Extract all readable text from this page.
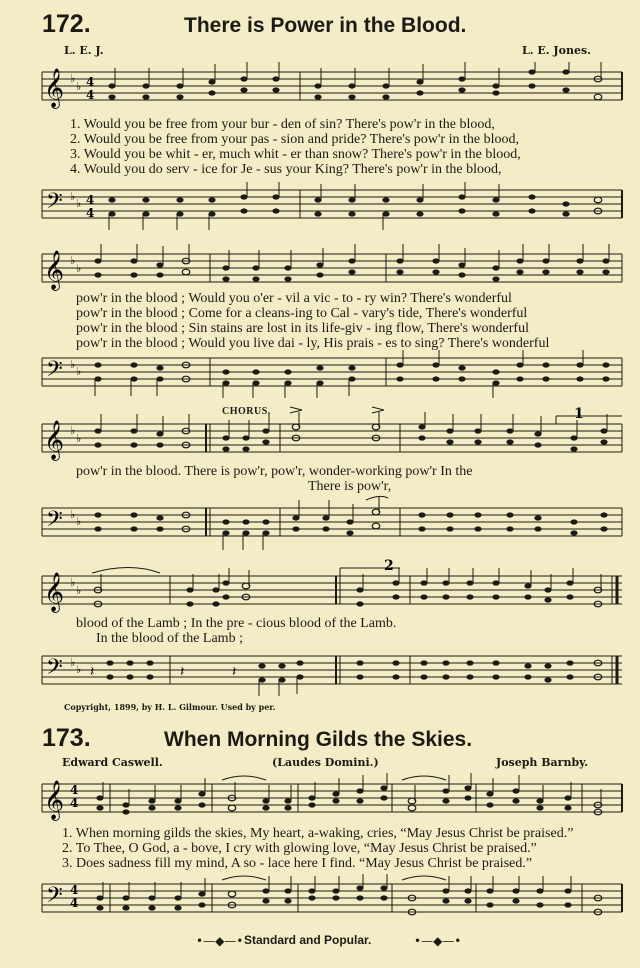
172.	There is Power in the Blood.
L. E. J.	L. E. Jones.
𝄞 ♭
♭ 4
4
1. Would you be free from your bur - den of sin? There's pow'r in the blood,
2. Would you be free from your pas - sion and pride? There's pow'r in the blood,
3. Would you be whit - er, much whit - er than snow? There's pow'r in the blood,
4. Would you do serv - ice for Je - sus your King? There's pow'r in the blood,
𝄢 ♭
♭ 4
4
𝄞 ♭
♭
pow'r in the blood ; Would you o'er - vil a vic - to - ry win? There's wonderful
pow'r in the blood ; Come for a cleans-ing to Cal - vary's tide, There's wonderful
pow'r in the blood ; Sin stains are lost in its life-giv - ing flow, There's wonderful
pow'r in the blood ; Would you live dai - ly, His prais - es to sing? There's wonderful
𝄢 ♭
♭
CHORUS.
𝄞 ♭
♭
1
pow'r in the blood. There is pow'r, pow'r, wonder-working pow'r In the
There is pow'r,
𝄢 ♭
♭
𝄞 ♭
♭
2
blood of the Lamb ; In the pre - cious blood of the Lamb.
In the blood of the Lamb ;
𝄢 ♭
♭ 𝄽	𝄽	𝄽
Copyright, 1899, by H. L. Gilmour. Used by per.
173.	When Morning Gilds the Skies.
Edward Caswell.	(Laudes Domini.)	Joseph Barnby.
𝄞 4
4
1. When morning gilds the skies, My heart, a-waking, cries, “May Jesus Christ be praised.”
2. To Thee, O God, a - bove, I cry with glowing love, “May Jesus Christ be praised.”
3. Does sadness fill my mind, A so - lace here I find. “May Jesus Christ be praised.”
𝄢 4
4
•—◆—• Standard and Popular.	•—◆—•
